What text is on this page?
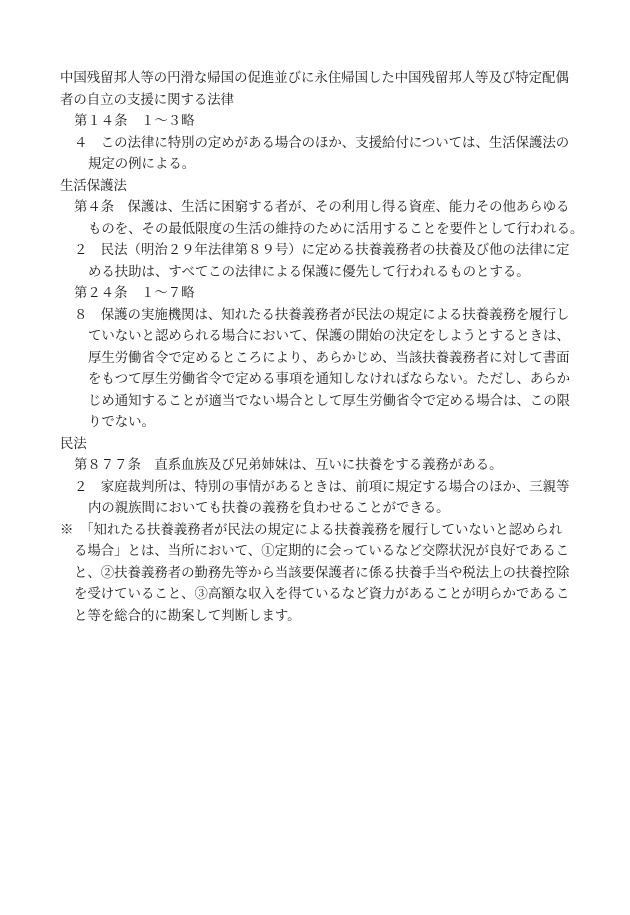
中国残留邦人等の円滑な帰国の促進並びに永住帰国した中国残留邦人等及び特定配偶

者の自立の支援に関する法律

第１４条　１～３略

４　この法律に特別の定めがある場合のほか、支援給付については、生活保護法の

規定の例による。

生活保護法

第４条　保護は、生活に困窮する者が、その利用し得る資産、能力その他あらゆる

ものを、その最低限度の生活の維持のために活用することを要件として行われる。

２　民法（明治２９年法律第８９号）に定める扶養義務者の扶養及び他の法律に定

める扶助は、すべてこの法律による保護に優先して行われるものとする。

第２４条　１～７略

８　保護の実施機関は、知れたる扶養義務者が民法の規定による扶養義務を履行し

ていないと認められる場合において、保護の開始の決定をしようとするときは、

厚生労働省令で定めるところにより、あらかじめ、当該扶養義務者に対して書面

をもつて厚生労働省令で定める事項を通知しなければならない。ただし、あらか

じめ通知することが適当でない場合として厚生労働省令で定める場合は、この限

りでない。

民法

第８７７条　直系血族及び兄弟姉妹は、互いに扶養をする義務がある。

２　家庭裁判所は、特別の事情があるときは、前項に規定する場合のほか、三親等

内の親族間においても扶養の義務を負わせることができる。

※　「知れたる扶養義務者が民法の規定による扶養義務を履行していないと認められ

る場合」とは、当所において、①定期的に会っているなど交際状況が良好であるこ

と、②扶養義務者の勤務先等から当該要保護者に係る扶養手当や税法上の扶養控除

を受けていること、③高額な収入を得ているなど資力があることが明らかであるこ

と等を総合的に勘案して判断します。
